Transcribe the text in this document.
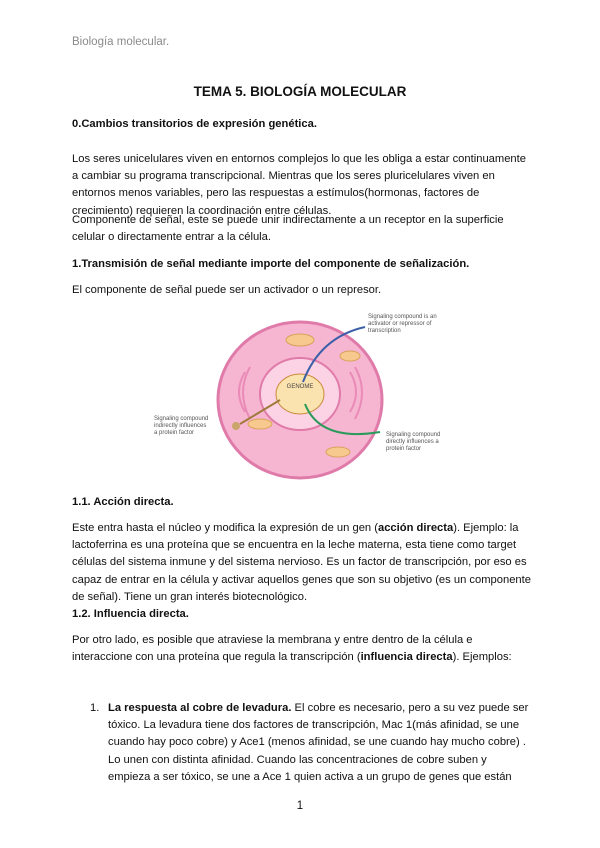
Biología molecular.
TEMA 5. BIOLOGÍA MOLECULAR
0.Cambios transitorios de expresión genética.
Los seres unicelulares viven en entornos complejos lo que les obliga a estar continuamente a cambiar su programa transcripcional. Mientras que los seres pluricelulares viven en entornos menos variables, pero las respuestas a estímulos(hormonas, factores de crecimiento) requieren la coordinación entre células.
Componente de señal, este se puede unir indirectamente a un receptor en la superficie celular o directamente entrar a la célula.
1.Transmisión de señal mediante importe del componente de señalización.
El componente de señal puede ser un activador o un represor.
GENOME
Signaling compound is an activator or repressor of transcription
Signaling compound indirectly influences a protein factor	Signaling compound directly influences a protein factor
1.1. Acción directa.
Este entra hasta el núcleo y modifica la expresión de un gen (acción directa). Ejemplo: la lactoferrina es una proteína que se encuentra en la leche materna, esta tiene como target células del sistema inmune y del sistema nervioso. Es un factor de transcripción, por eso es capaz de entrar en la célula y activar aquellos genes que son su objetivo (es un componente de señal). Tiene un gran interés biotecnológico.
1.2. Influencia directa.
Por otro lado, es posible que atraviese la membrana y entre dentro de la célula e interaccione con una proteína que regula la transcripción (influencia directa). Ejemplos:
1. La respuesta al cobre de levadura. El cobre es necesario, pero a su vez puede ser tóxico. La levadura tiene dos factores de transcripción, Mac 1(más afinidad, se une cuando hay poco cobre) y Ace1 (menos afinidad, se une cuando hay mucho cobre) . Lo unen con distinta afinidad. Cuando las concentraciones de cobre suben y empieza a ser tóxico, se une a Ace 1 quien activa a un grupo de genes que están
1
